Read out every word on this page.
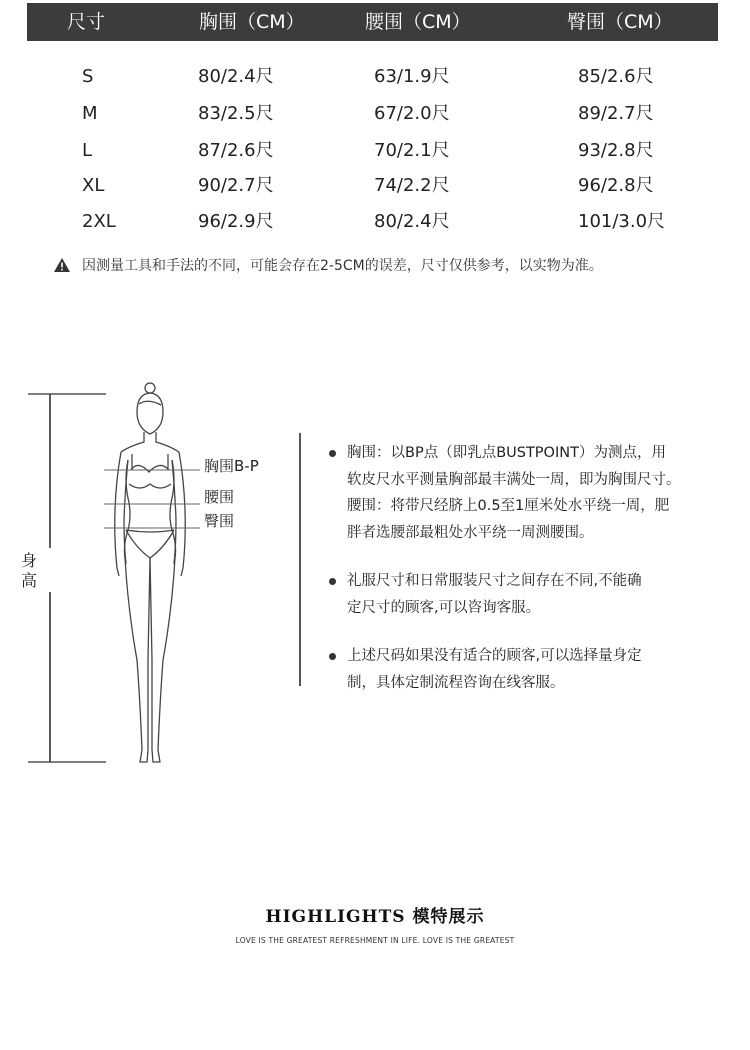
尺寸	胸围（CM）	腰围（CM）	臀围（CM）
S	80/2.4尺	63/1.9尺	85/2.6尺
M	83/2.5尺	67/2.0尺	89/2.7尺
L	87/2.6尺	70/2.1尺	93/2.8尺
XL	90/2.7尺	74/2.2尺	96/2.8尺
2XL	96/2.9尺	80/2.4尺	101/3.0尺
因测量工具和手法的不同，可能会存在2-5CM的误差，尺寸仅供参考，以实物为准。
身高
胸围B-P
腰围
臀围

胸围：以BP点（即乳点BUSTPOINT）为测点，用

软皮尺水平测量胸部最丰满处一周，即为胸围尺寸。

腰围：将带尺经脐上0.5至1厘米处水平绕一周，肥

胖者选腰部最粗处水平绕一周测腰围。

礼服尺寸和日常服装尺寸之间存在不同,不能确

定尺寸的顾客,可以咨询客服。

上述尺码如果没有适合的顾客,可以选择量身定

制，具体定制流程咨询在线客服。

HIGHLIGHTS 模特展示
LOVE IS THE GREATEST REFRESHMENT IN LIFE. LOVE IS THE GREATEST
